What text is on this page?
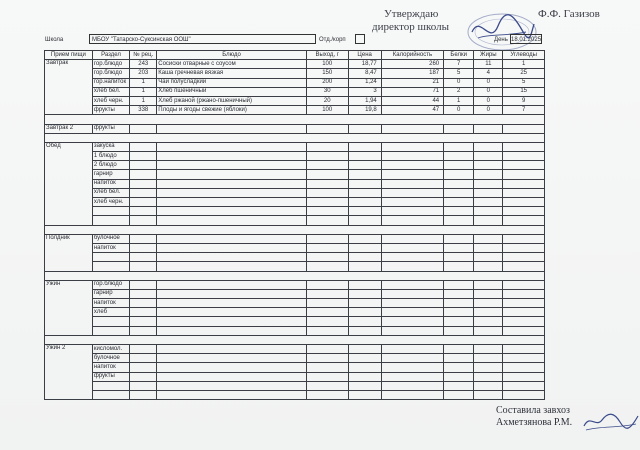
Утверждаю
директор школы
Ф.Ф. Газизов
Школа	МБОУ "Татарско-Суксинская ООШ"	Отд./корп	День 18.01.2025
Прием пищи	Раздел	№ рец.	Блюдо	Выход, г	Цена	Калорийность	Белки	Жиры	Углеводы
Завтрак	гор.блюдо	243	Сосиски отварные с соусом	100	18,77	260	7	11	1
	гор.блюдо	203	Каша гречневая вязкая	150	8,47	187	5	4	25
	гор.напиток	1	Чай полусладкий	200	1,24	21	0	0	5
	хлеб бел.	1	Хлеб пшеничный	30	3	71	2	0	15
	хлеб черн.	1	Хлеб ржаной (ржано-пшеничный)	20	1,94	44	1	0	9
	фрукты	338	Плоды и ягоды свежие (яблоки)	100	19,8	47	0	0	7

Завтрак 2	фрукты								

Обед	закуска								
	1 блюдо								
	2 блюдо								
	гарнир								
	напиток								
	хлеб бел.								
	хлеб черн.								

Полдник	булочное								
	напиток								

Ужин	гор.блюдо								
	гарнир								
	напиток								
	хлеб								

Ужин 2	кисломол.								
	булочное								
	напиток								
	фрукты								

Составила завхоз
Ахметзянова Р.М.
